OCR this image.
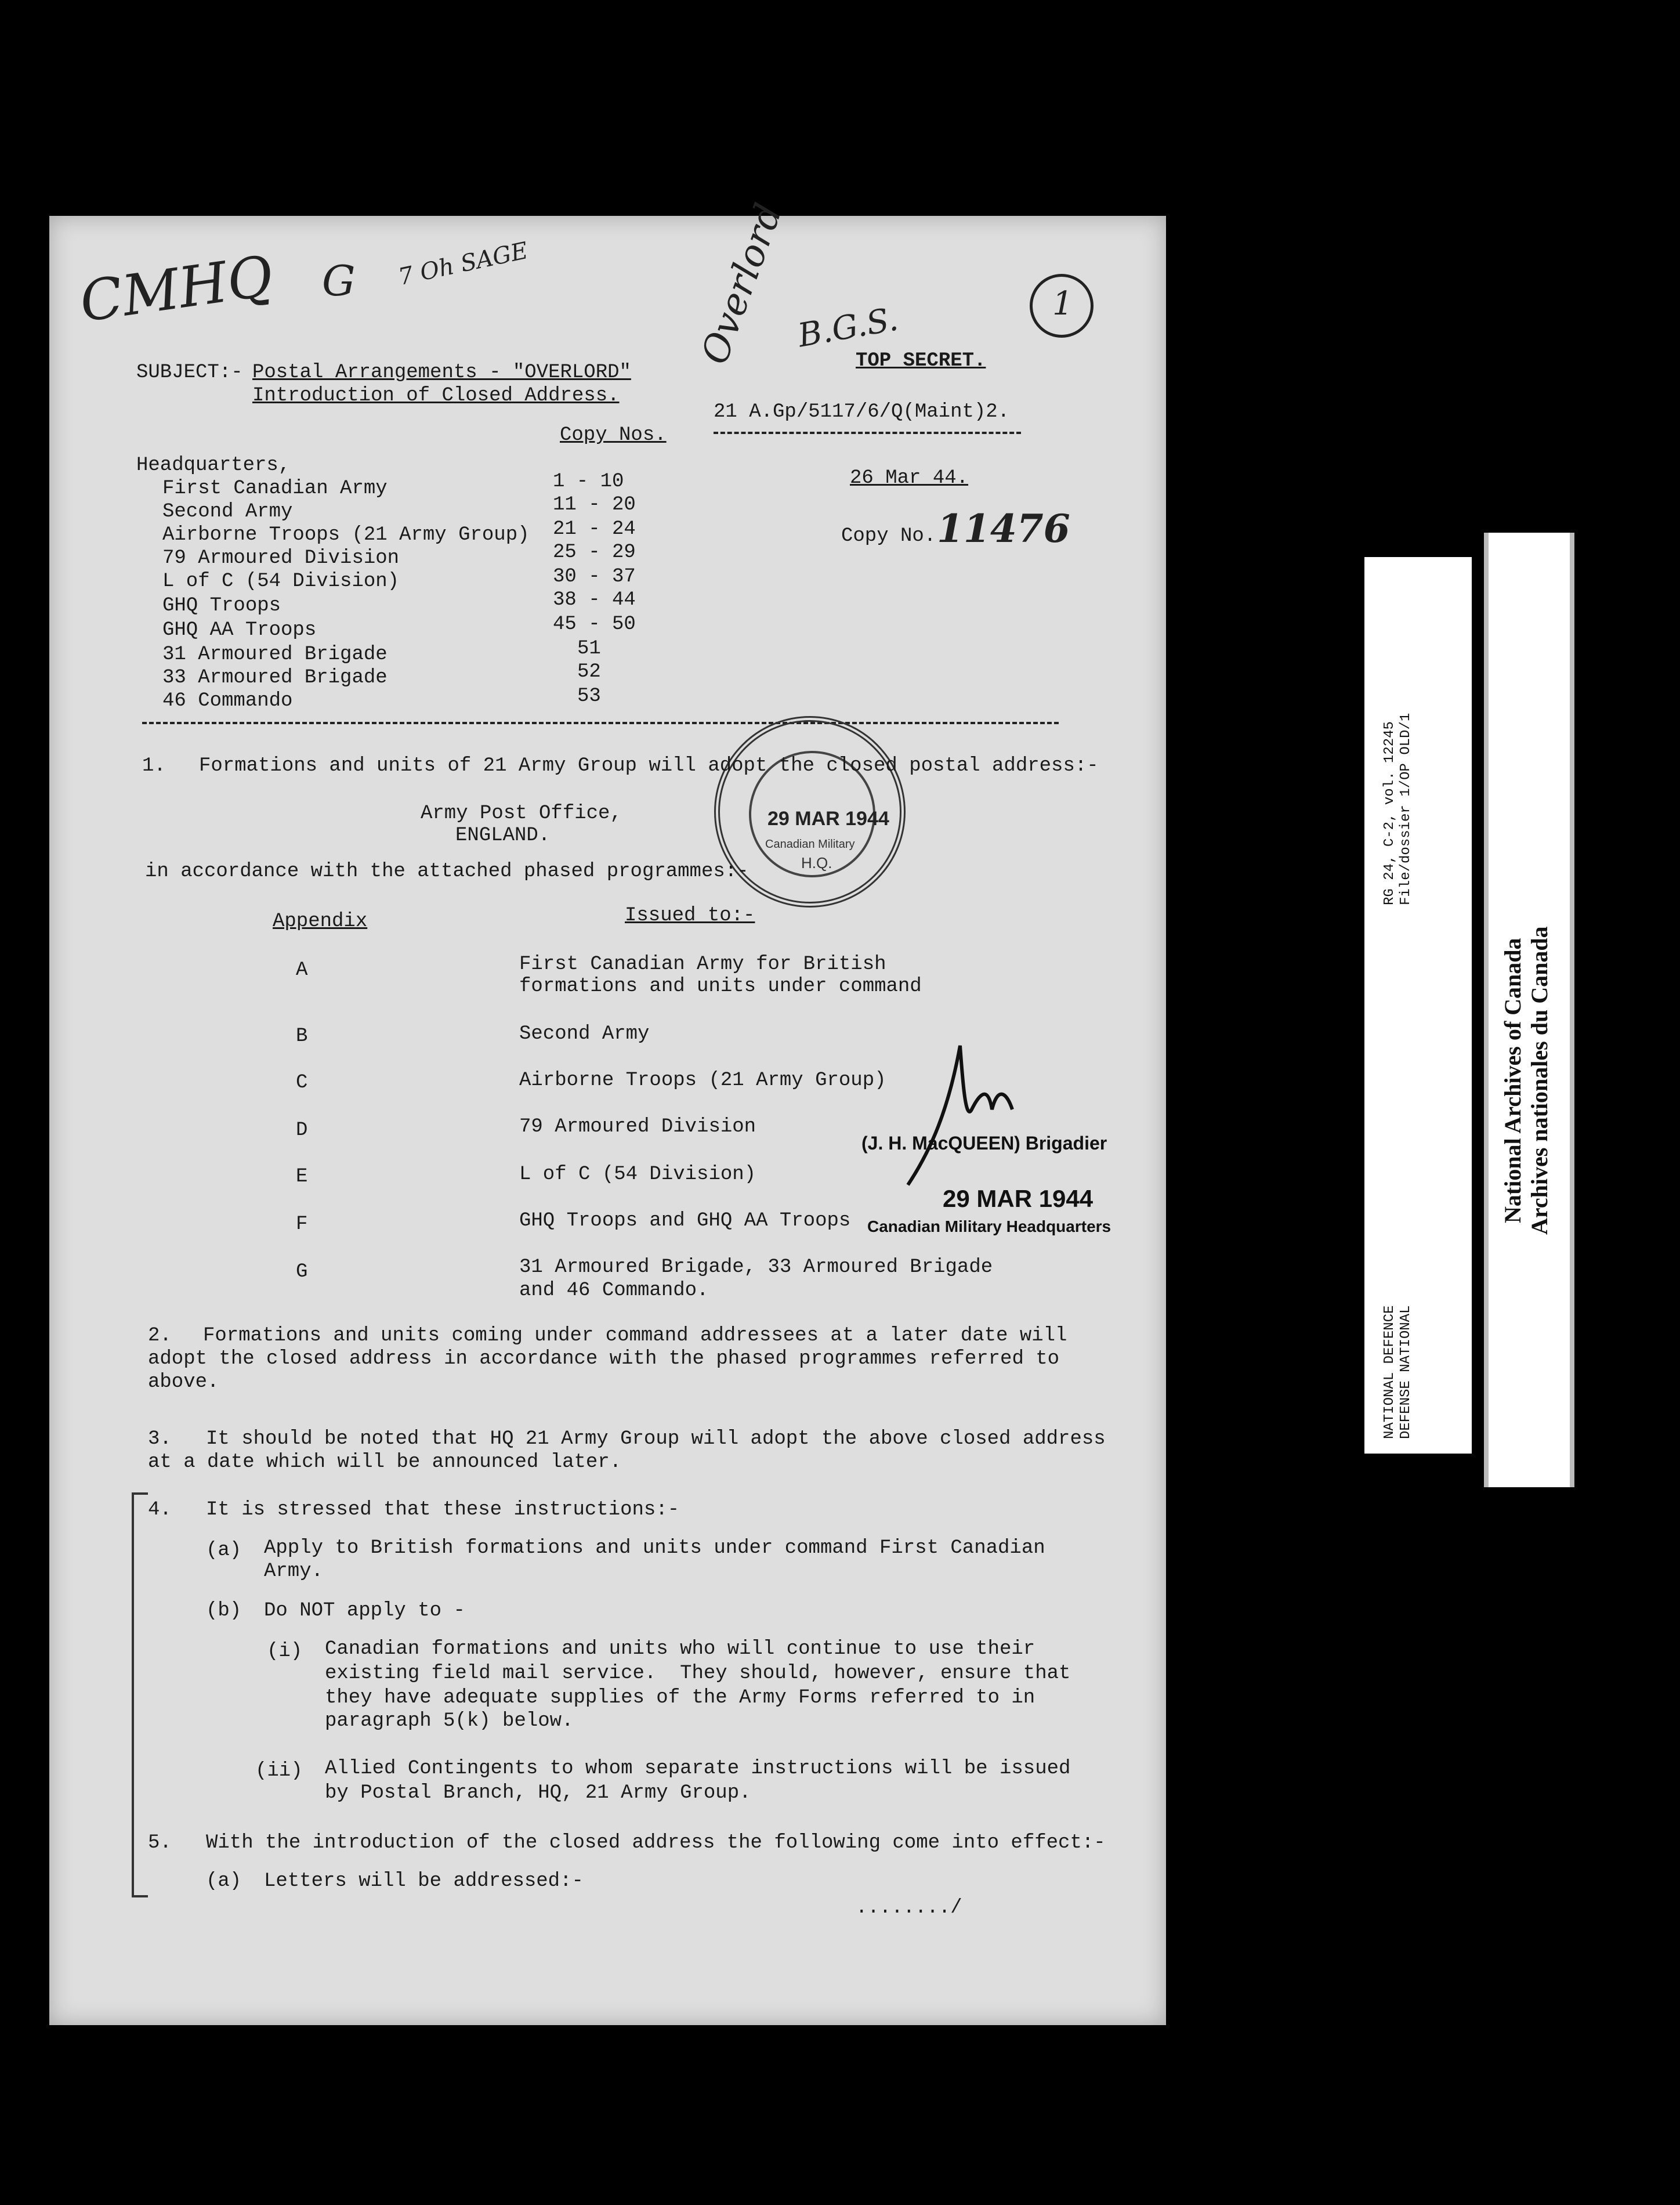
CMHQ G 7 Oh SAGE	Overlord B.G.S.	1
SUBJECT:- Postal Arrangements - "OVERLORD"
Introduction of Closed Address.
TOP SECRET.
21 A.Gp/5117/6/Q(Maint)2.
Copy Nos.
Headquarters,
First Canadian Army	1 - 10
Second Army	11 - 20
Airborne Troops (21 Army Group) 21 - 24
79 Armoured Division	25 - 29
L of C (54 Division)	30 - 37
GHQ Troops	38 - 44
GHQ AA Troops	45 - 50
31 Armoured Brigade	51
33 Armoured Brigade	52
46 Commando	53
26 Mar 44.
Copy No. 11476
29 MAR 1944
Canadian Military
H.Q.
1. Formations and units of 21 Army Group will adopt the closed postal address:-
Army Post Office,
ENGLAND.
in accordance with the attached phased programmes:-
Appendix	Issued to:-
A	First Canadian Army for British
formations and units under command
B	Second Army
C	Airborne Troops (21 Army Group)
D	79 Armoured Division
E	L of C (54 Division)
F	GHQ Troops and GHQ AA Troops
G	31 Armoured Brigade, 33 Armoured Brigade
and 46 Commando.
(J. H. MacQUEEN) Brigadier
29 MAR 1944
Canadian Military Headquarters
2. Formations and units coming under command addressees at a later date will
adopt the closed address in accordance with the phased programmes referred to
above.
3. It should be noted that HQ 21 Army Group will adopt the above closed address
at a date which will be announced later.
4. It is stressed that these instructions:-
(a) Apply to British formations and units under command First Canadian
Army.
(b) Do NOT apply to -
(i) Canadian formations and units who will continue to use their
existing field mail service.  They should, however, ensure that
they have adequate supplies of the Army Forms referred to in
paragraph 5(k) below.
(ii) Allied Contingents to whom separate instructions will be issued
by Postal Branch, HQ, 21 Army Group.
5. With the introduction of the closed address the following come into effect:-
(a) Letters will be addressed:-
......../
RG 24, C-2, vol. 12245 File/dossier 1/OP OLD/1
NATIONAL DEFENCE DEFENSE NATIONAL
National Archives of Canada Archives nationales du Canada
